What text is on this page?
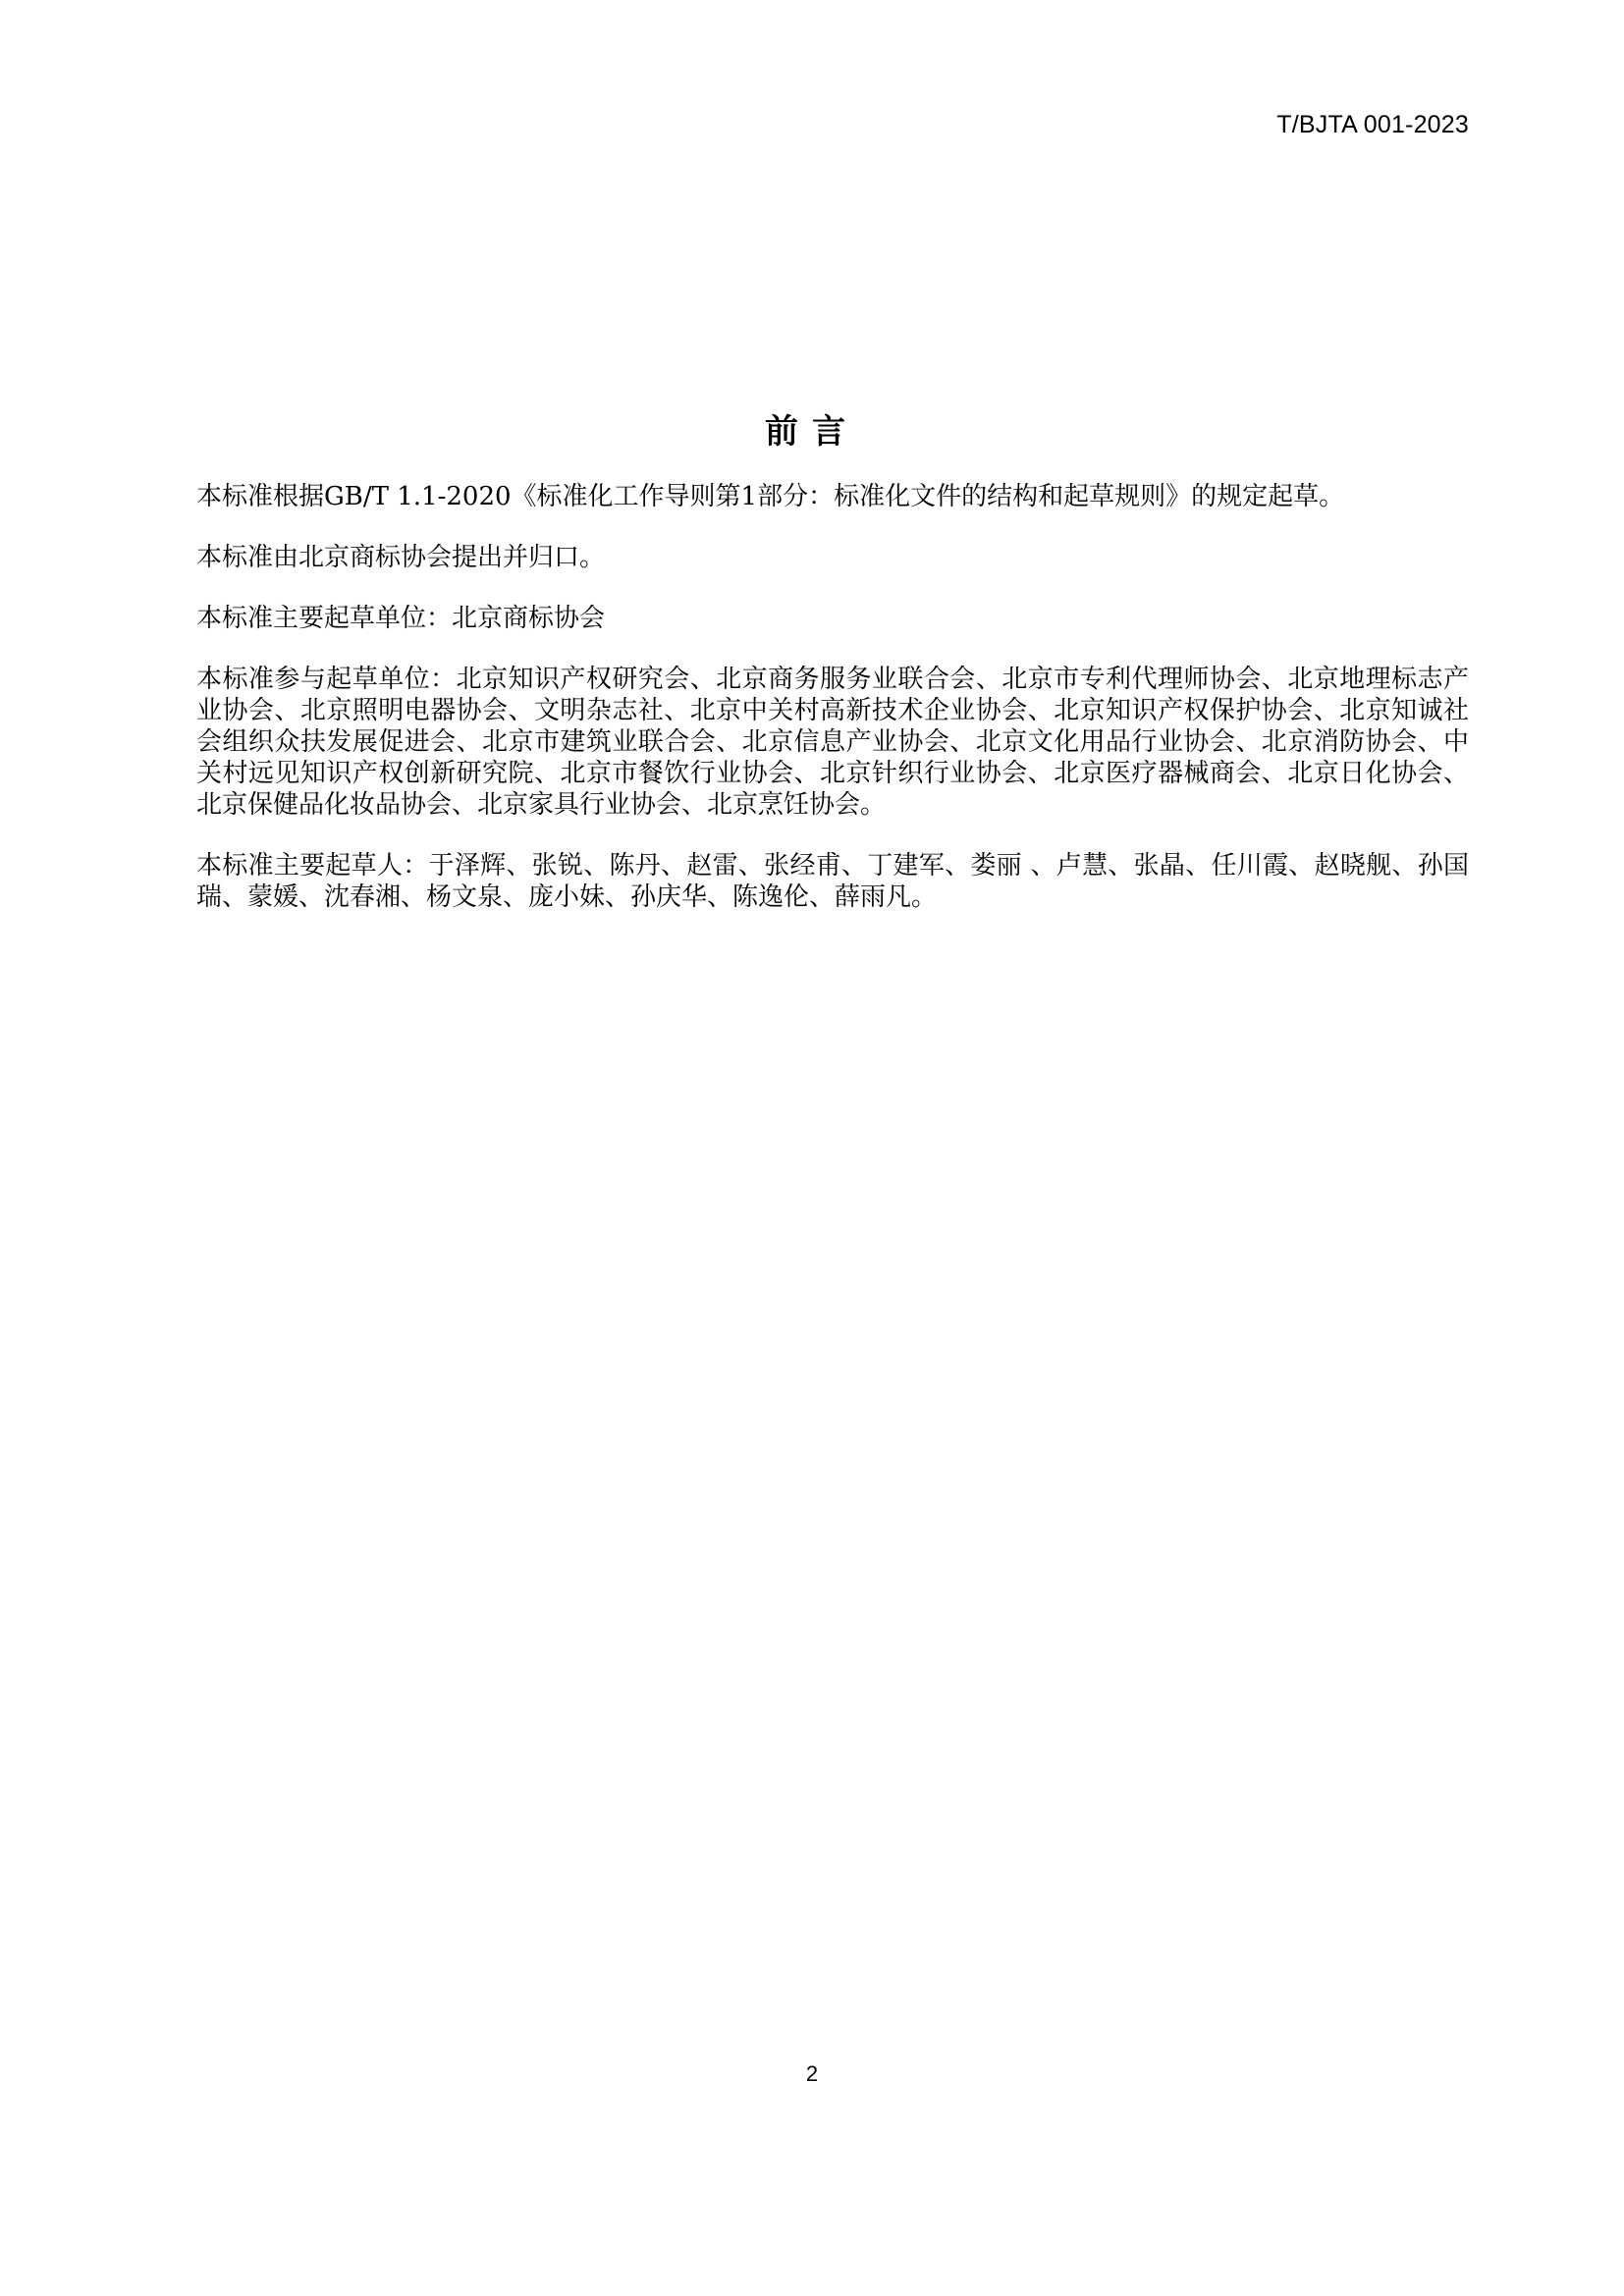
T/BJTA 001-2023
前言

本标准根据GB/T 1.1-2020《标准化工作导则第1部分：标准化文件的结构和起草规则》的规定起草。

本标准由北京商标协会提出并归口。

本标准主要起草单位：北京商标协会

本标准参与起草单位：北京知识产权研究会、北京商务服务业联合会、北京市专利代理师协会、北京地理标志产业协会、北京照明电器协会、文明杂志社、北京中关村高新技术企业协会、北京知识产权保护协会、北京知诚社会组织众扶发展促进会、北京市建筑业联合会、北京信息产业协会、北京文化用品行业协会、北京消防协会、中关村远见知识产权创新研究院、北京市餐饮行业协会、北京针织行业协会、北京医疗器械商会、北京日化协会、北京保健品化妆品协会、北京家具行业协会、北京烹饪协会。

本标准主要起草人：于泽辉、张锐、陈丹、赵雷、张经甫、丁建军、娄丽 、卢慧、张晶、任川霞、赵晓舰、孙国瑞、蒙媛、沈春湘、杨文泉、庞小妹、孙庆华、陈逸伦、薛雨凡。

2
